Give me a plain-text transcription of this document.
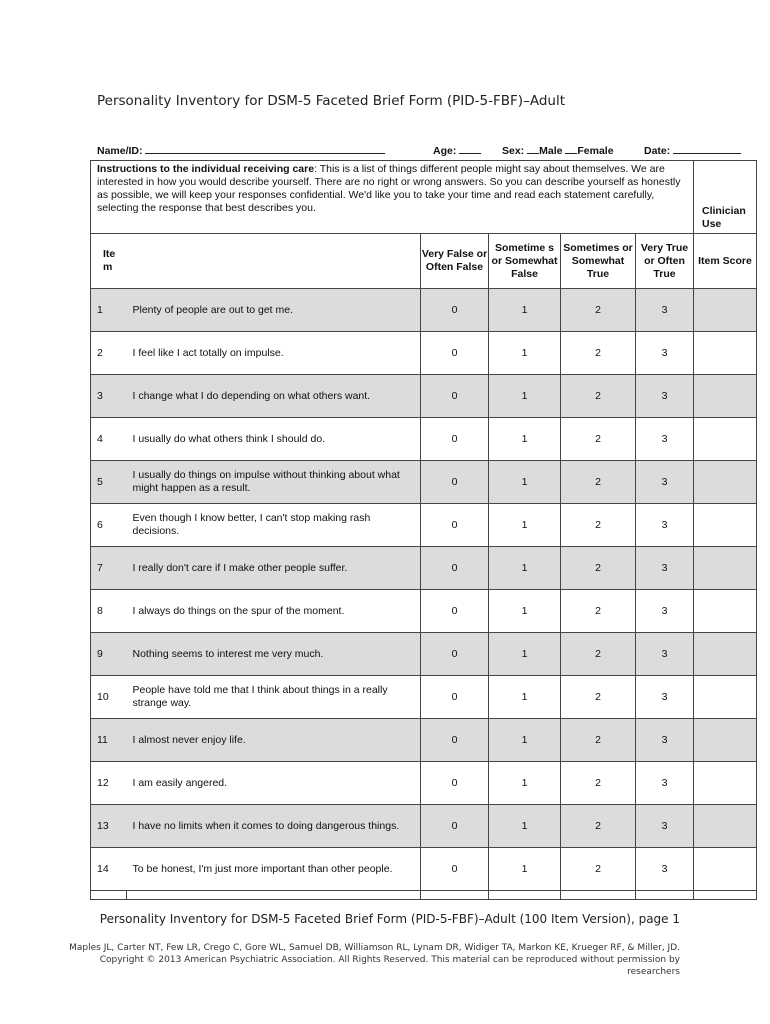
Personality Inventory for DSM-5 Faceted Brief Form (PID-5-FBF)–Adult
Name/ID:	Age:	Sex: Male Female	Date:
Instructions to the individual receiving care: This is a list of things different people might say about themselves. We are interested in how you would describe yourself. There are no right or wrong answers. So you can describe yourself as honestly as possible, we will keep your responses confidential. We'd like you to take your time and read each statement carefully, selecting the response that best describes you.						Clinician Use
Ite m		Very False or Often False	Sometime s or Somewhat False	Sometimes or Somewhat True	Very True or Often True	Item Score
1	Plenty of people are out to get me.	0	1	2	3	
2	I feel like I act totally on impulse.	0	1	2	3	
3	I change what I do depending on what others want.	0	1	2	3	
4	I usually do what others think I should do.	0	1	2	3	
5	I usually do things on impulse without thinking about what might happen as a result.	0	1	2	3	
6	Even though I know better, I can't stop making rash decisions.	0	1	2	3	
7	I really don't care if I make other people suffer.	0	1	2	3	
8	I always do things on the spur of the moment.	0	1	2	3	
9	Nothing seems to interest me very much.	0	1	2	3	
10	People have told me that I think about things in a really strange way.	0	1	2	3	
11	I almost never enjoy life.	0	1	2	3	
12	I am easily angered.	0	1	2	3	
13	I have no limits when it comes to doing dangerous things.	0	1	2	3	
14	To be honest, I'm just more important than other people.	0	1	2	3	

Personality Inventory for DSM-5 Faceted Brief Form (PID-5-FBF)–Adult (100 Item Version), page 1
Maples JL, Carter NT, Few LR, Crego C, Gore WL, Samuel DB, Williamson RL, Lynam DR, Widiger TA, Markon KE, Krueger RF, & Miller, JD. Copyright © 2013 American Psychiatric Association. All Rights Reserved. This material can be reproduced without permission by researchers
